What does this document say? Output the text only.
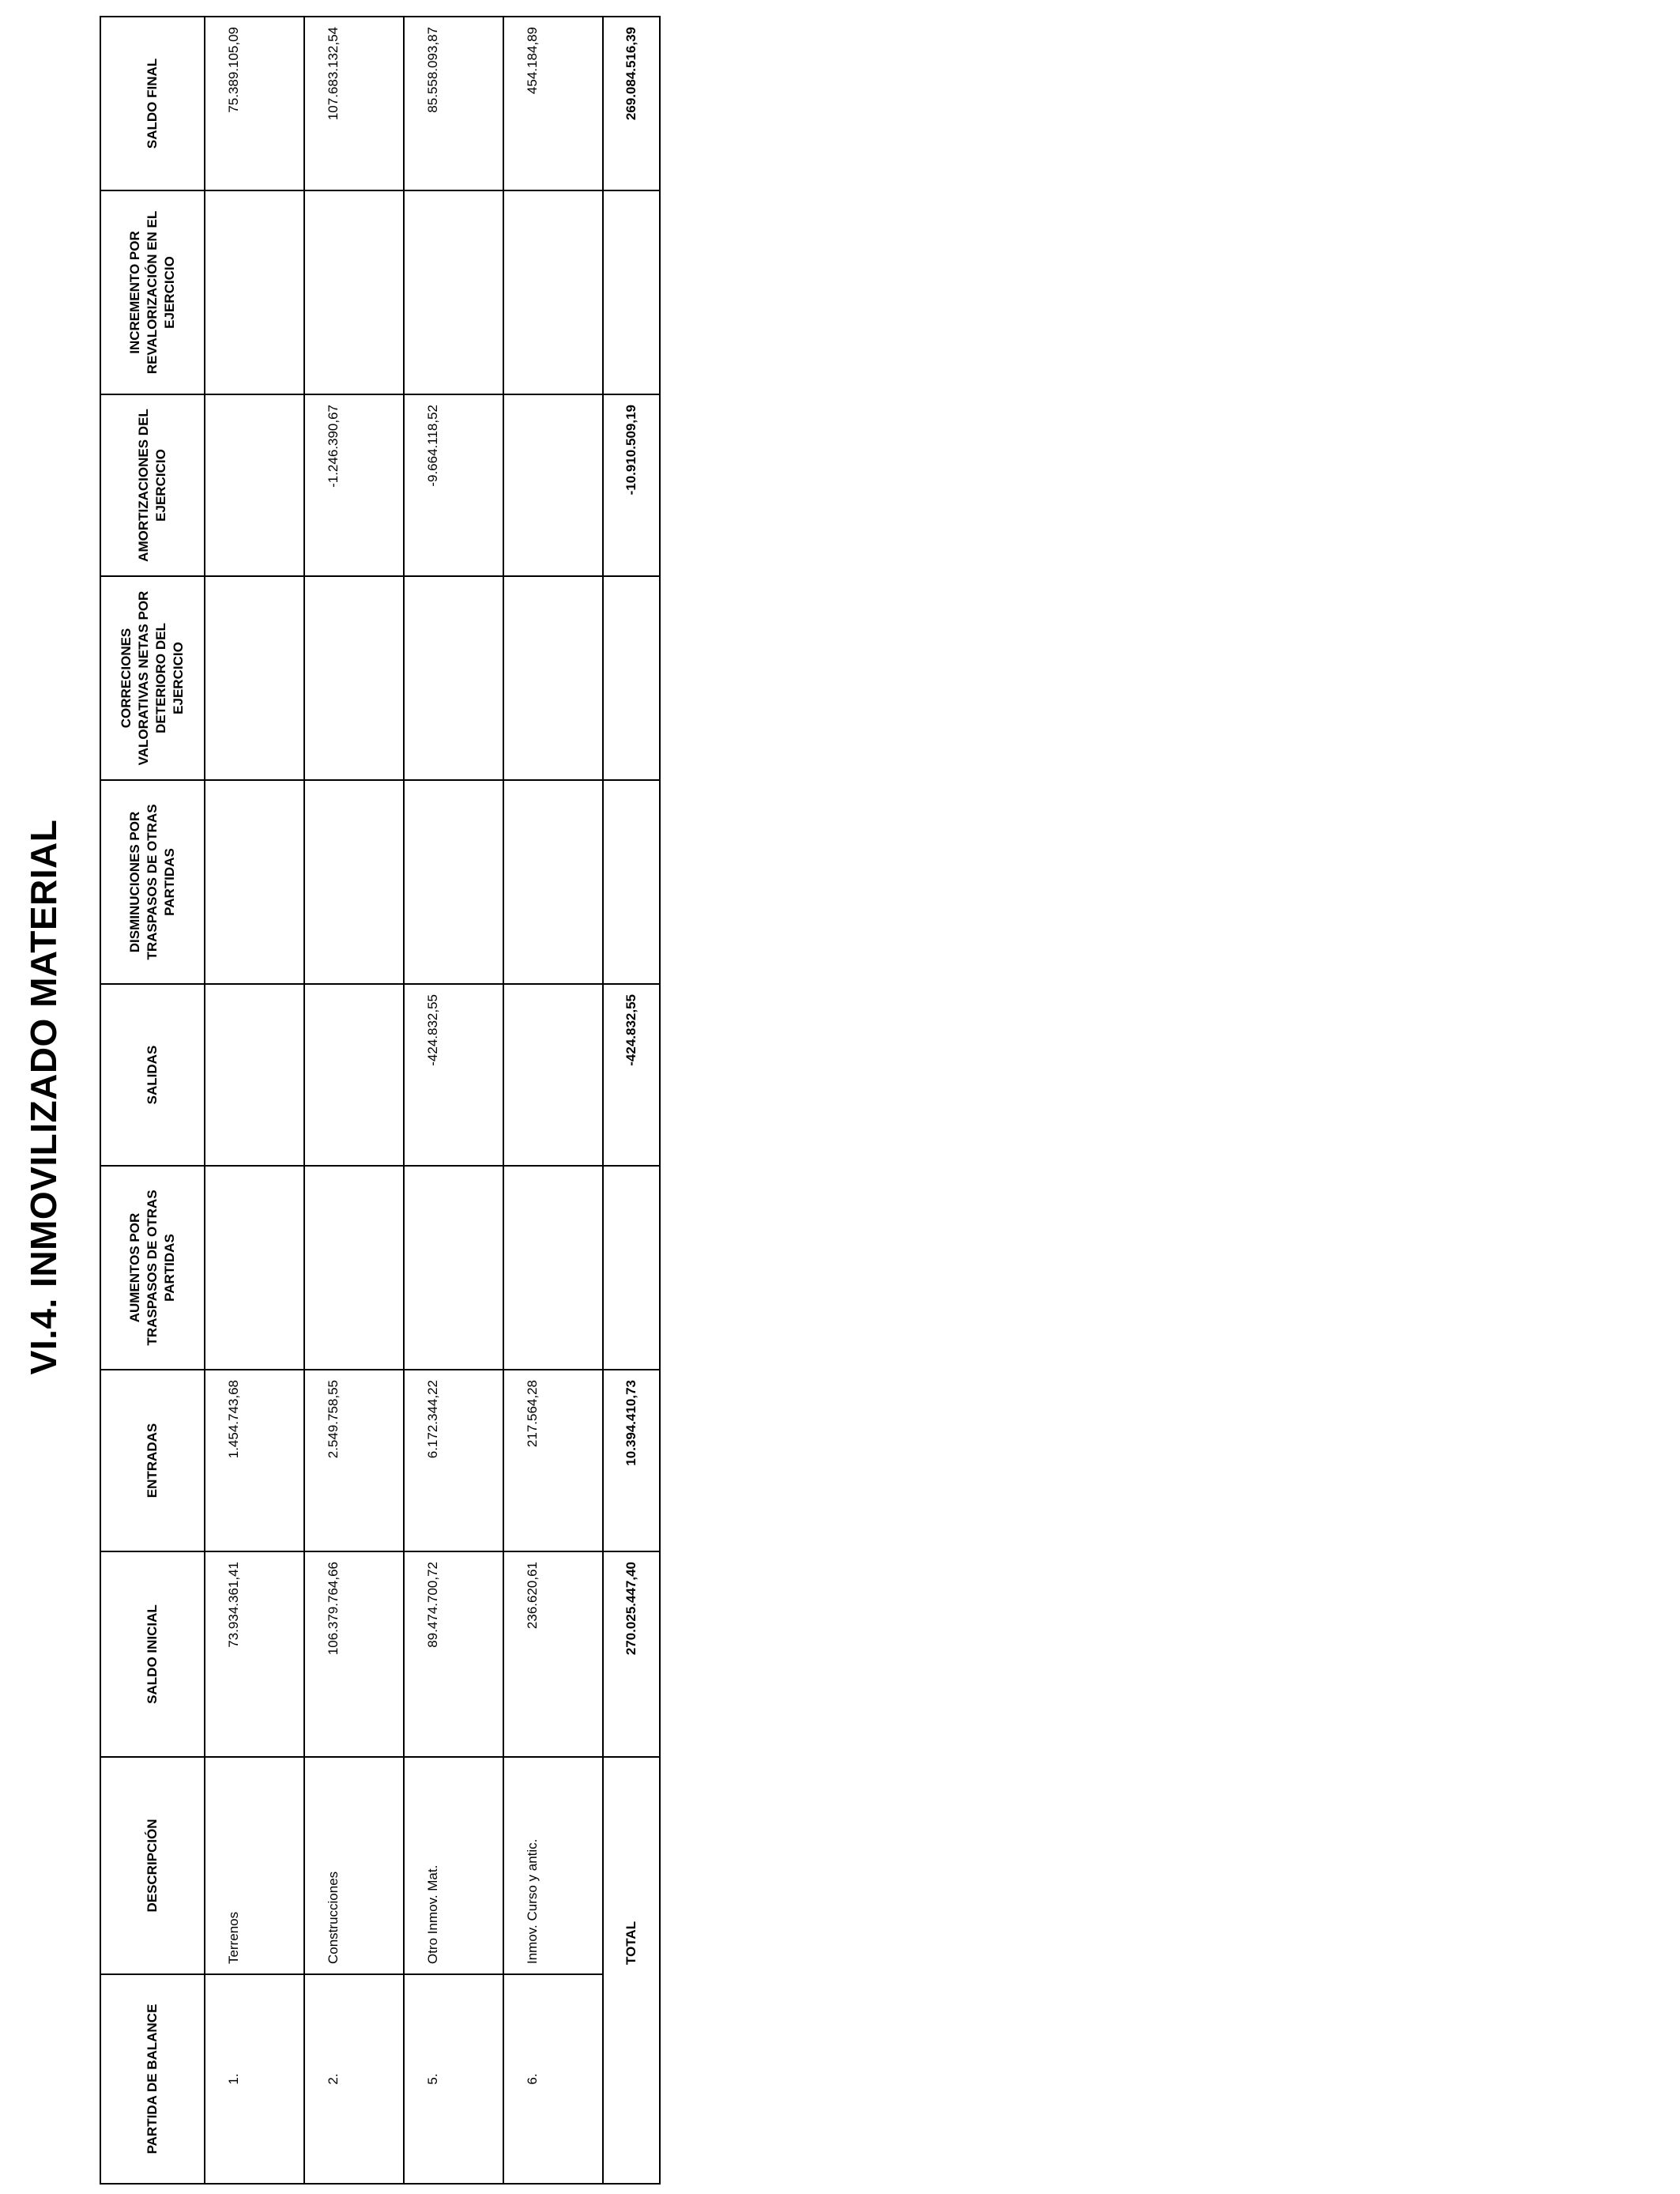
VI.4. INMOVILIZADO MATERIAL
PARTIDA DE BALANCE	DESCRIPCIÓN	SALDO INICIAL	ENTRADAS	AUMENTOS POR TRASPASOS DE OTRAS PARTIDAS	SALIDAS	DISMINUCIONES POR TRASPASOS DE OTRAS PARTIDAS	CORRECIONES VALORATIVAS NETAS POR DETERIORO DEL EJERCICIO	AMORTIZACIONES DEL EJERCICIO	INCREMENTO POR REVALORIZACIÓN EN EL EJERCICIO	SALDO FINAL
1.	Terrenos	73.934.361,41	1.454.743,68							75.389.105,09
2.	Construcciones	106.379.764,66	2.549.758,55					-1.246.390,67		107.683.132,54
5.	Otro Inmov. Mat.	89.474.700,72	6.172.344,22		-424.832,55			-9.664.118,52		85.558.093,87
6.	Inmov. Curso y antic.	236.620,61	217.564,28							454.184,89
	TOTAL	270.025.447,40	10.394.410,73		-424.832,55			-10.910.509,19		269.084.516,39
